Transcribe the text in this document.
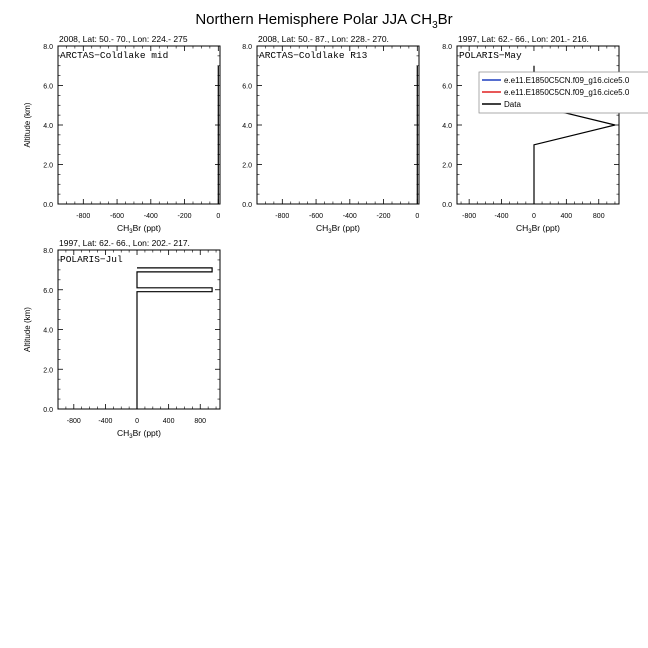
Northern Hemisphere Polar JJA $CH_3Br$
2008, Lat: 50.- 70., Lon: 224.- 275
0.0
2.0
4.0
6.0
8.0
-800	-600	-400	-200	0
$CH_3Br$ (ppt)
Altitude (km)
ARCTAS−Coldlake mid
2008, Lat: 50.- 87., Lon: 228.- 270.
0.0
2.0
4.0
6.0
8.0
-800	-600	-400	-200	0
$CH_3Br$ (ppt)
ARCTAS−Coldlake R13
1997, Lat: 62.- 66., Lon: 201.- 216.
0.0
2.0
4.0
6.0
8.0
-800	-400	0	400	800
$CH_3Br$ (ppt)
POLARIS−May
e.e11.E1850C5CN.f09_g16.cice5.0
e.e11.E1850C5CN.f09_g16.cice5.0
Data
1997, Lat: 62.- 66., Lon: 202.- 217.
0.0
2.0
4.0
6.0
8.0
-800	-400	0	400	800
$CH_3Br$ (ppt)
Altitude (km)
POLARIS−Jul
